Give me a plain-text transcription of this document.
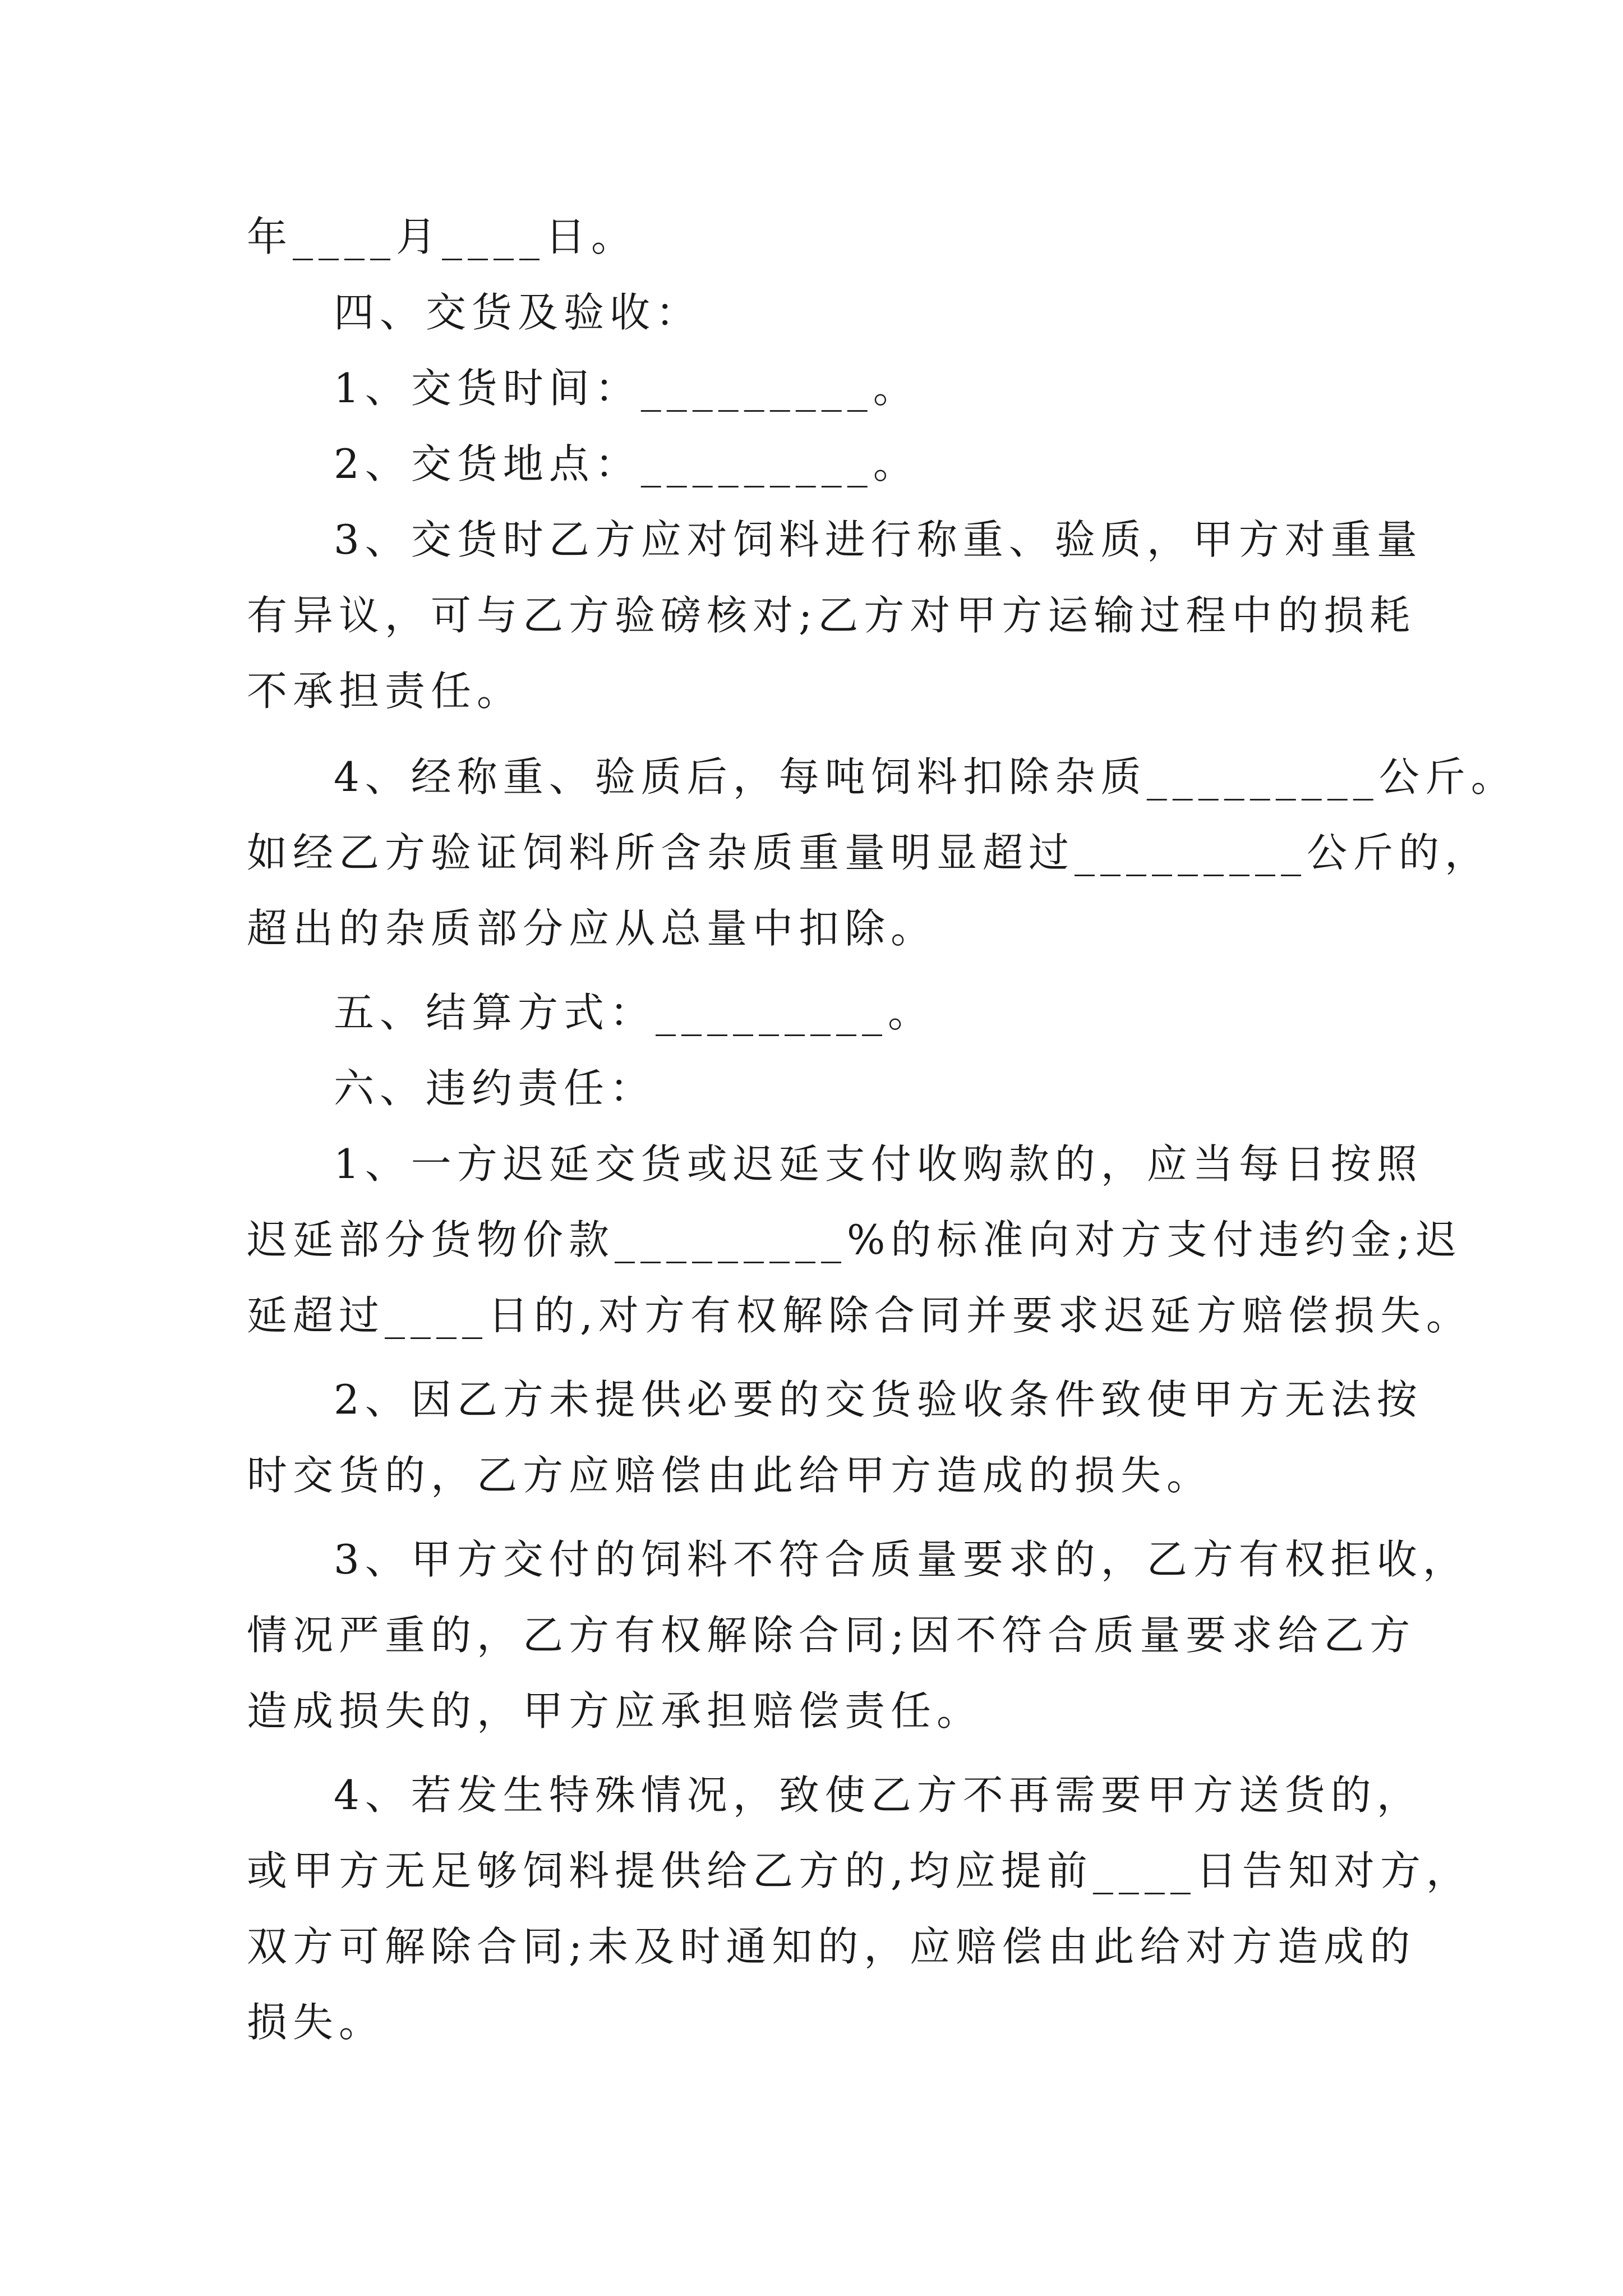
年____月____日。
四、交货及验收：
1、交货时间：_________。
2、交货地点：_________。
3、交货时乙方应对饲料进行称重、验质，甲方对重量
有异议，可与乙方验磅核对;乙方对甲方运输过程中的损耗
不承担责任。
4、经称重、验质后，每吨饲料扣除杂质_________公斤。
如经乙方验证饲料所含杂质重量明显超过_________公斤的，
超出的杂质部分应从总量中扣除。
五、结算方式：_________。
六、违约责任：
1、一方迟延交货或迟延支付收购款的，应当每日按照
迟延部分货物价款_________%的标准向对方支付违约金;迟
延超过____日的,对方有权解除合同并要求迟延方赔偿损失。
2、因乙方未提供必要的交货验收条件致使甲方无法按
时交货的，乙方应赔偿由此给甲方造成的损失。
3、甲方交付的饲料不符合质量要求的，乙方有权拒收，
情况严重的，乙方有权解除合同;因不符合质量要求给乙方
造成损失的，甲方应承担赔偿责任。
4、若发生特殊情况，致使乙方不再需要甲方送货的，
或甲方无足够饲料提供给乙方的,均应提前____日告知对方，
双方可解除合同;未及时通知的，应赔偿由此给对方造成的
损失。
